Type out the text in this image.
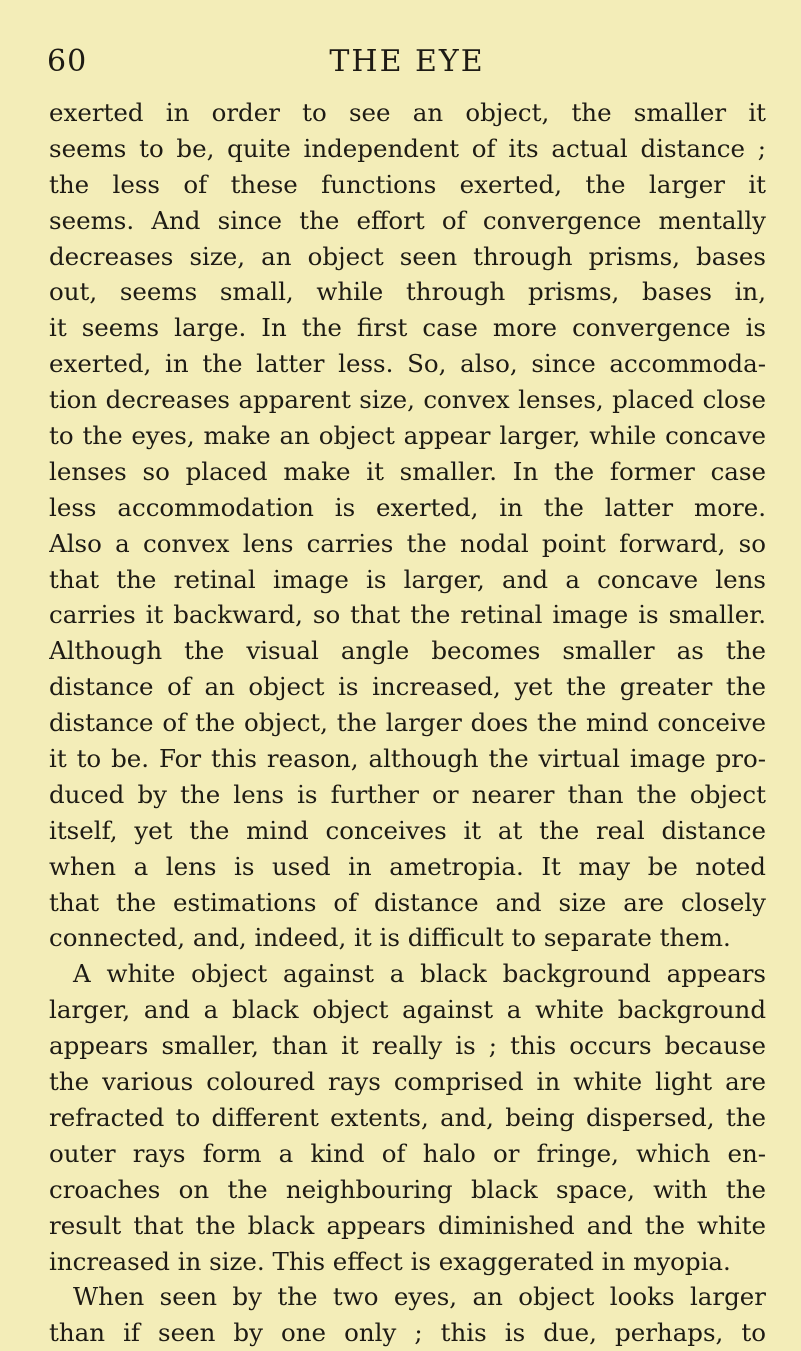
60	THE EYE
exerted in order to see an object, the smaller it
seems to be, quite independent of its actual distance ;
the less of these functions exerted, the larger it
seems. And since the effort of convergence mentally
decreases size, an object seen through prisms, bases
out, seems small, while through prisms, bases in,
it seems large. In the first case more convergence is
exerted, in the latter less. So, also, since accommoda-
tion decreases apparent size, convex lenses, placed close
to the eyes, make an object appear larger, while concave
lenses so placed make it smaller. In the former case
less accommodation is exerted, in the latter more.
Also a convex lens carries the nodal point forward, so
that the retinal image is larger, and a concave lens
carries it backward, so that the retinal image is smaller.
Although the visual angle becomes smaller as the
distance of an object is increased, yet the greater the
distance of the object, the larger does the mind conceive
it to be. For this reason, although the virtual image pro-
duced by the lens is further or nearer than the object
itself, yet the mind conceives it at the real distance
when a lens is used in ametropia. It may be noted
that the estimations of distance and size are closely
connected, and, indeed, it is difficult to separate them.
A white object against a black background appears
larger, and a black object against a white background
appears smaller, than it really is ; this occurs because
the various coloured rays comprised in white light are
refracted to different extents, and, being dispersed, the
outer rays form a kind of halo or fringe, which en-
croaches on the neighbouring black space, with the
result that the black appears diminished and the white
increased in size. This effect is exaggerated in myopia.
When seen by the two eyes, an object looks larger
than if seen by one only ; this is due, perhaps, to
